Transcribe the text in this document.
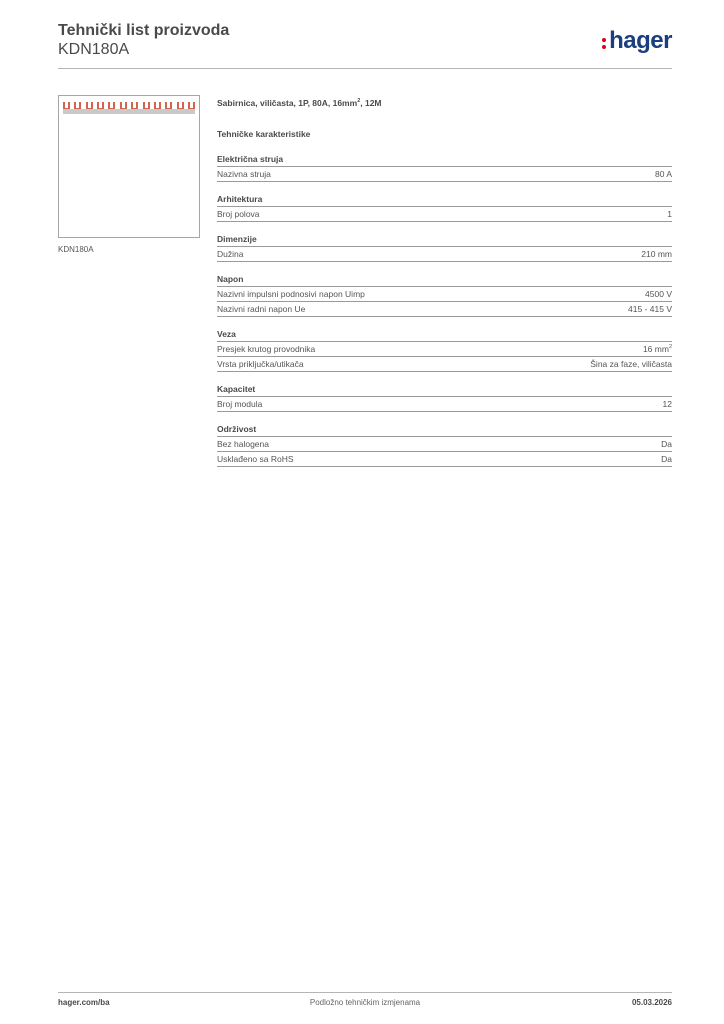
Tehnički list proizvoda
KDN180A	hager
KDN180A
Sabirnica, viličasta, 1P, 80A, $16mm^2$, 12M
Tehničke karakteristike
Električna struja
Nazivna struja	80 A
Arhitektura
Broj polova	1
Dimenzije
Dužina	210 mm
Napon
Nazivni impulsni podnosivi napon Uimp	4500 V
Nazivni radni napon Ue	415 - 415 V
Veza
Presjek krutog provodnika	16 $mm^2$
Vrsta priključka/utikača	Šina za faze, viličasta
Kapacitet
Broj modula	12
Održivost
Bez halogena	Da
Usklađeno sa RoHS	Da
hager.com/ba	Podložno tehničkim izmjenama	05.03.2026
